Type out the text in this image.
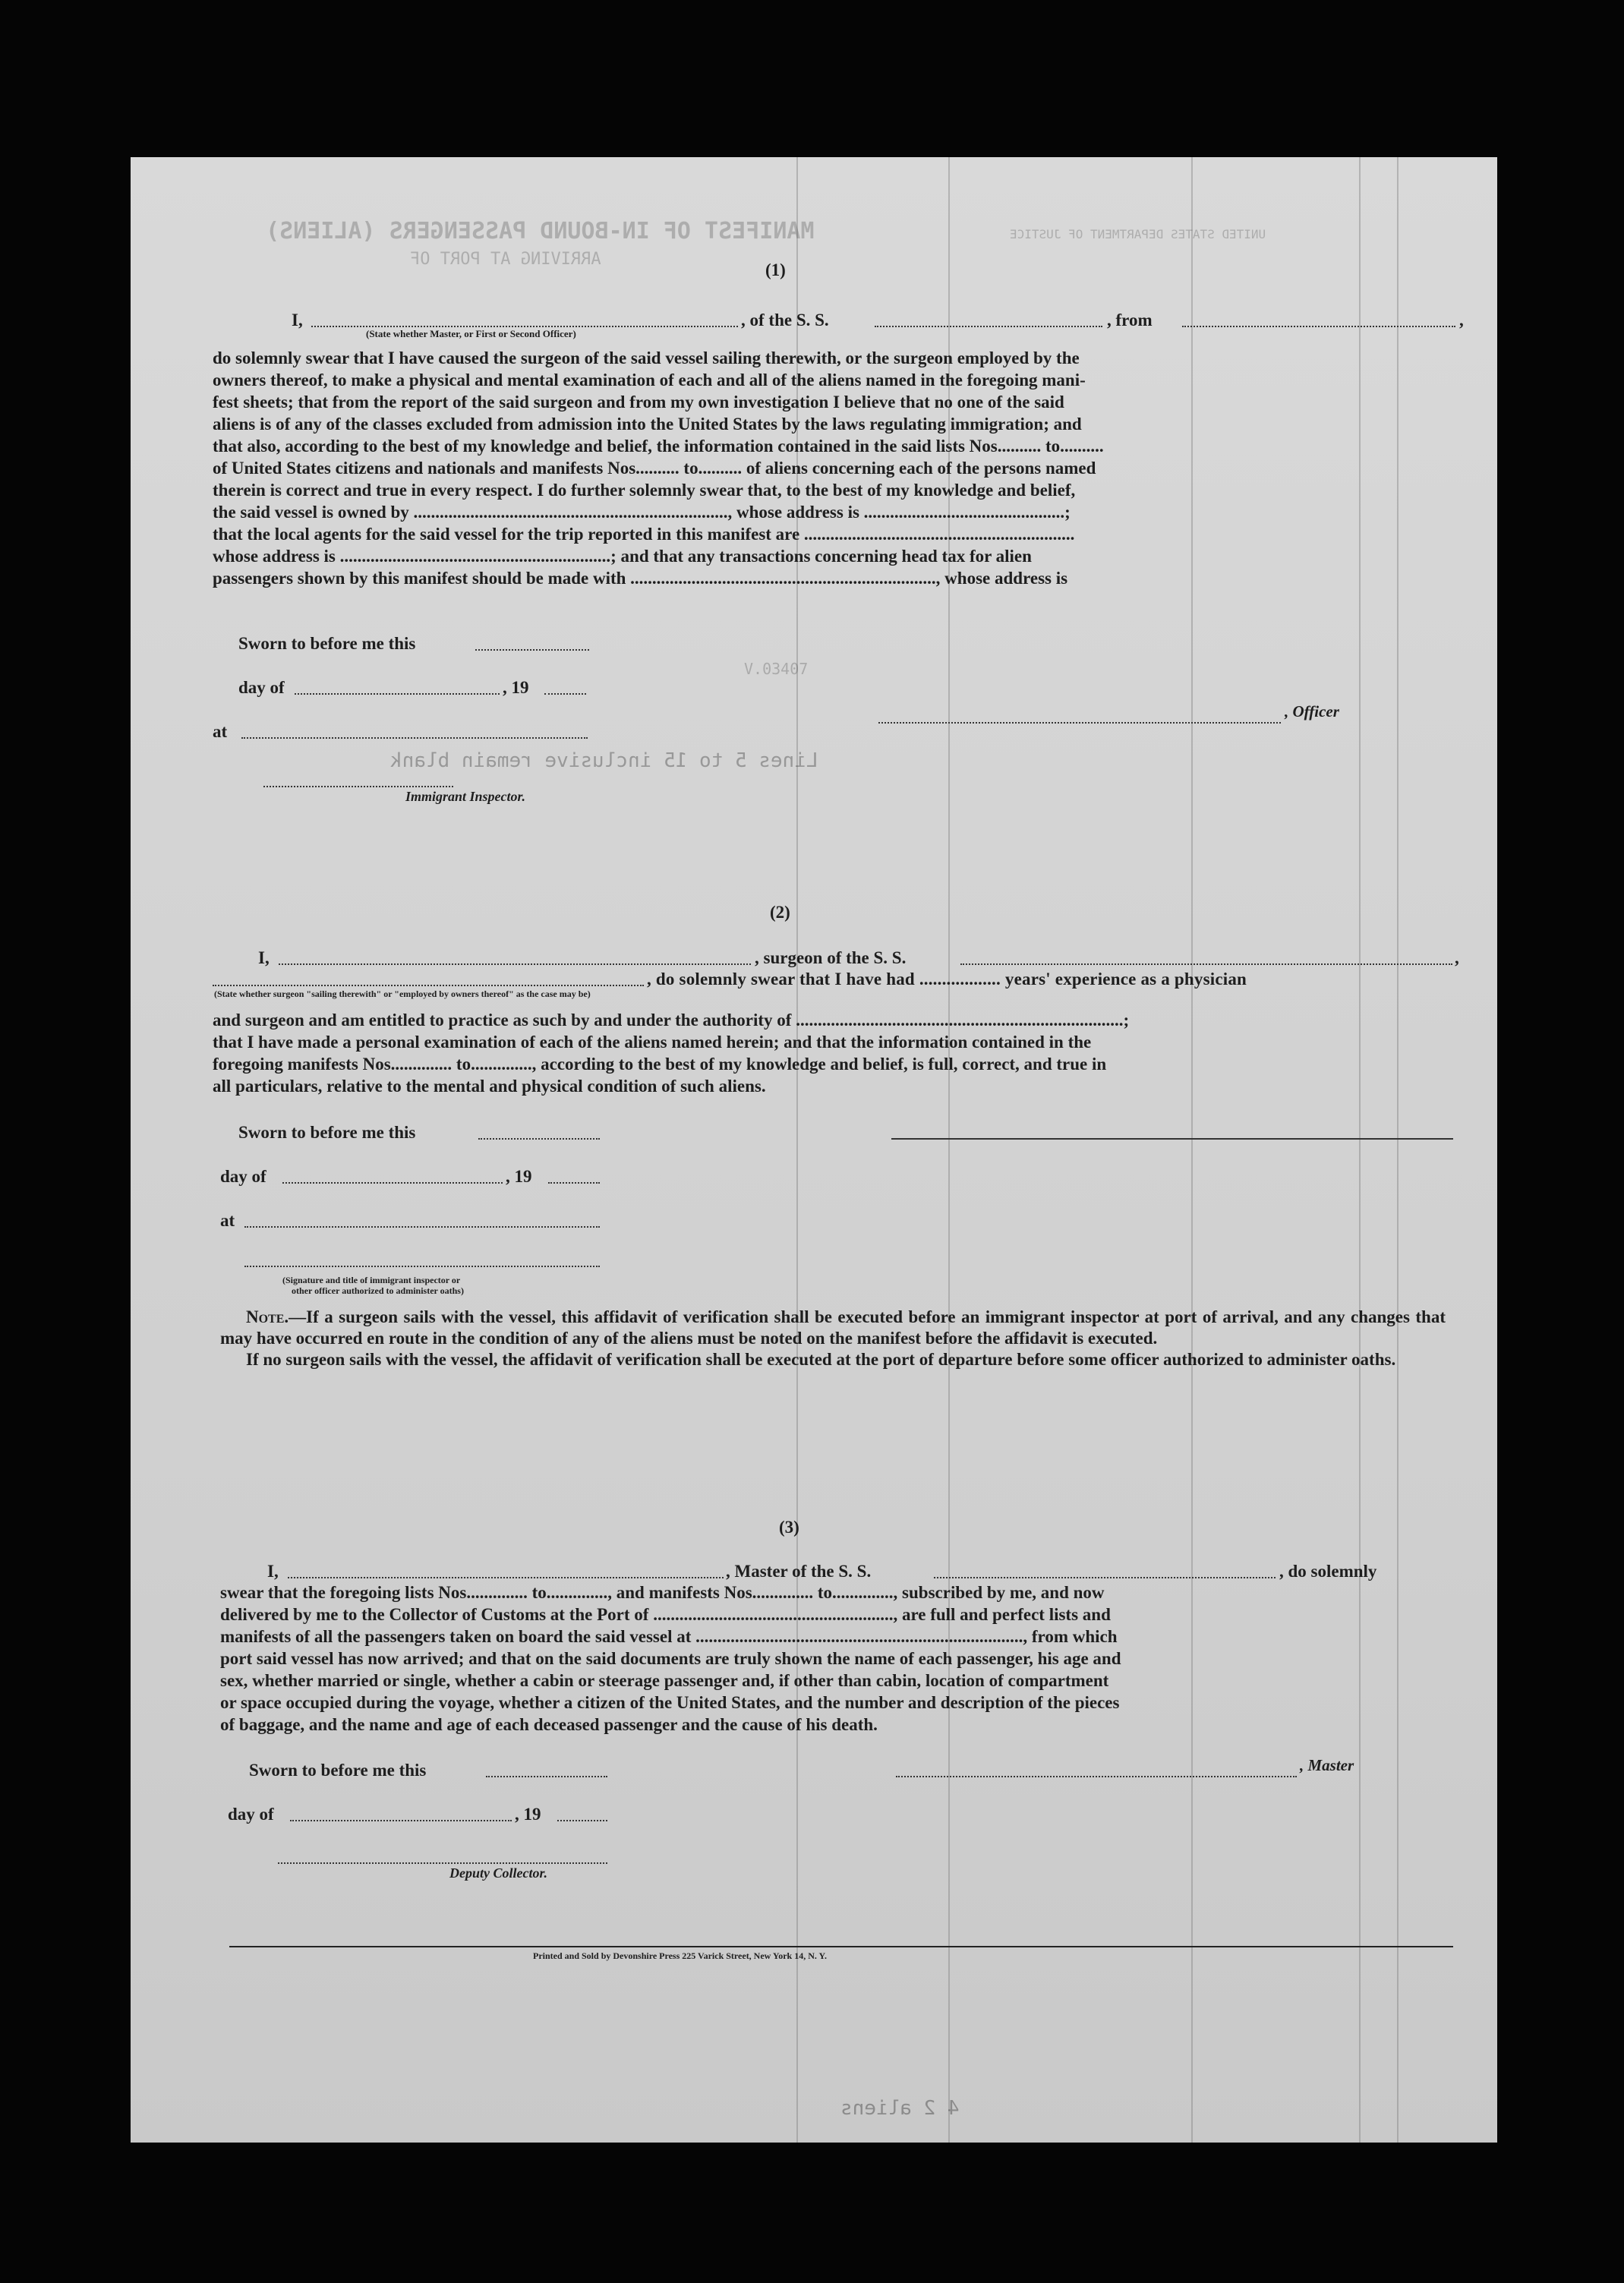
MANIFEST OF IN-BOUND PASSENGERS (ALIENS)
ARRIVING AT PORT OF
UNITED STATES DEPARTMENT OF JUSTICE
Lines 5 to 15 inclusive remain blank
V.03407
4 2 aliens
(1)
I,	, of the S. S.	, from	,
(State whether Master, or First or Second Officer)

do solemnly swear that I have caused the surgeon of the said vessel sailing therewith, or the surgeon employed by the

owners thereof, to make a physical and mental examination of each and all of the aliens named in the foregoing mani-

fest sheets; that from the report of the said surgeon and from my own investigation I believe that no one of the said

aliens is of any of the classes excluded from admission into the United States by the laws regulating immigration; and

that also, according to the best of my knowledge and belief, the information contained in the said lists Nos.......... to..........

of United States citizens and nationals and manifests Nos.......... to.......... of aliens concerning each of the persons named

therein is correct and true in every respect. I do further solemnly swear that, to the best of my knowledge and belief,

the said vessel is owned by ........................................................................, whose address is ..............................................;

that the local agents for the said vessel for the trip reported in this manifest are ..............................................................

whose address is ..............................................................; and that any transactions concerning head tax for alien

passengers shown by this manifest should be made with ......................................................................, whose address is

Sworn to before me this
day of	, 19
, Officer
at
Immigrant Inspector.
(2)
I,	, surgeon of the S. S.	,
, do solemnly swear that I have had .................. years' experience as a physician
(State whether surgeon "sailing therewith" or "employed by owners thereof" as the case may be)

and surgeon and am entitled to practice as such by and under the authority of ...........................................................................;

that I have made a personal examination of each of the aliens named herein; and that the information contained in the

foregoing manifests Nos.............. to.............., according to the best of my knowledge and belief, is full, correct, and true in

all particulars, relative to the mental and physical condition of such aliens.

Sworn to before me this
day of	, 19
at
(Signature and title of immigrant inspector or
other officer authorized to administer oaths)

Note.—If a surgeon sails with the vessel, this affidavit of verification shall be executed before an immigrant inspector at port of arrival, and any changes that may have occurred en route in the condition of any of the aliens must be noted on the manifest before the affidavit is executed.

If no surgeon sails with the vessel, the affidavit of verification shall be executed at the port of departure before some officer authorized to administer oaths.

(3)
I,	, Master of the S. S.	, do solemnly

swear that the foregoing lists Nos.............. to.............., and manifests Nos.............. to.............., subscribed by me, and now

delivered by me to the Collector of Customs at the Port of ......................................................., are full and perfect lists and

manifests of all the passengers taken on board the said vessel at ..........................................................................., from which

port said vessel has now arrived; and that on the said documents are truly shown the name of each passenger, his age and

sex, whether married or single, whether a cabin or steerage passenger and, if other than cabin, location of compartment

or space occupied during the voyage, whether a citizen of the United States, and the number and description of the pieces

of baggage, and the name and age of each deceased passenger and the cause of his death.

Sworn to before me this	, Master
day of	, 19
Deputy Collector.
Printed and Sold by Devonshire Press 225 Varick Street, New York 14, N. Y.
